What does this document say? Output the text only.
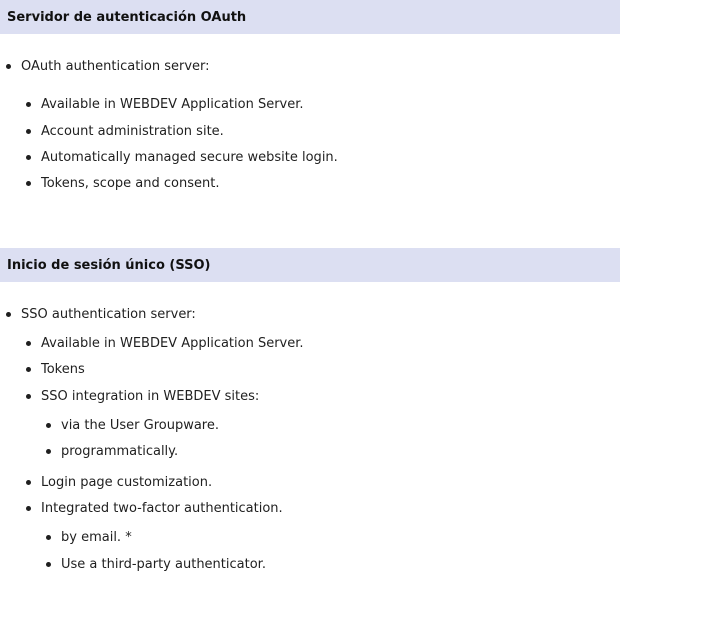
Servidor de autenticación OAuth
OAuth authentication server:
Available in WEBDEV Application Server.
Account administration site.
Automatically managed secure website login.
Tokens, scope and consent.
Inicio de sesión único (SSO)
SSO authentication server:
Available in WEBDEV Application Server.
Tokens
SSO integration in WEBDEV sites:
via the User Groupware.
programmatically.
Login page customization.
Integrated two-factor authentication.
by email. *
Use a third-party authenticator.
